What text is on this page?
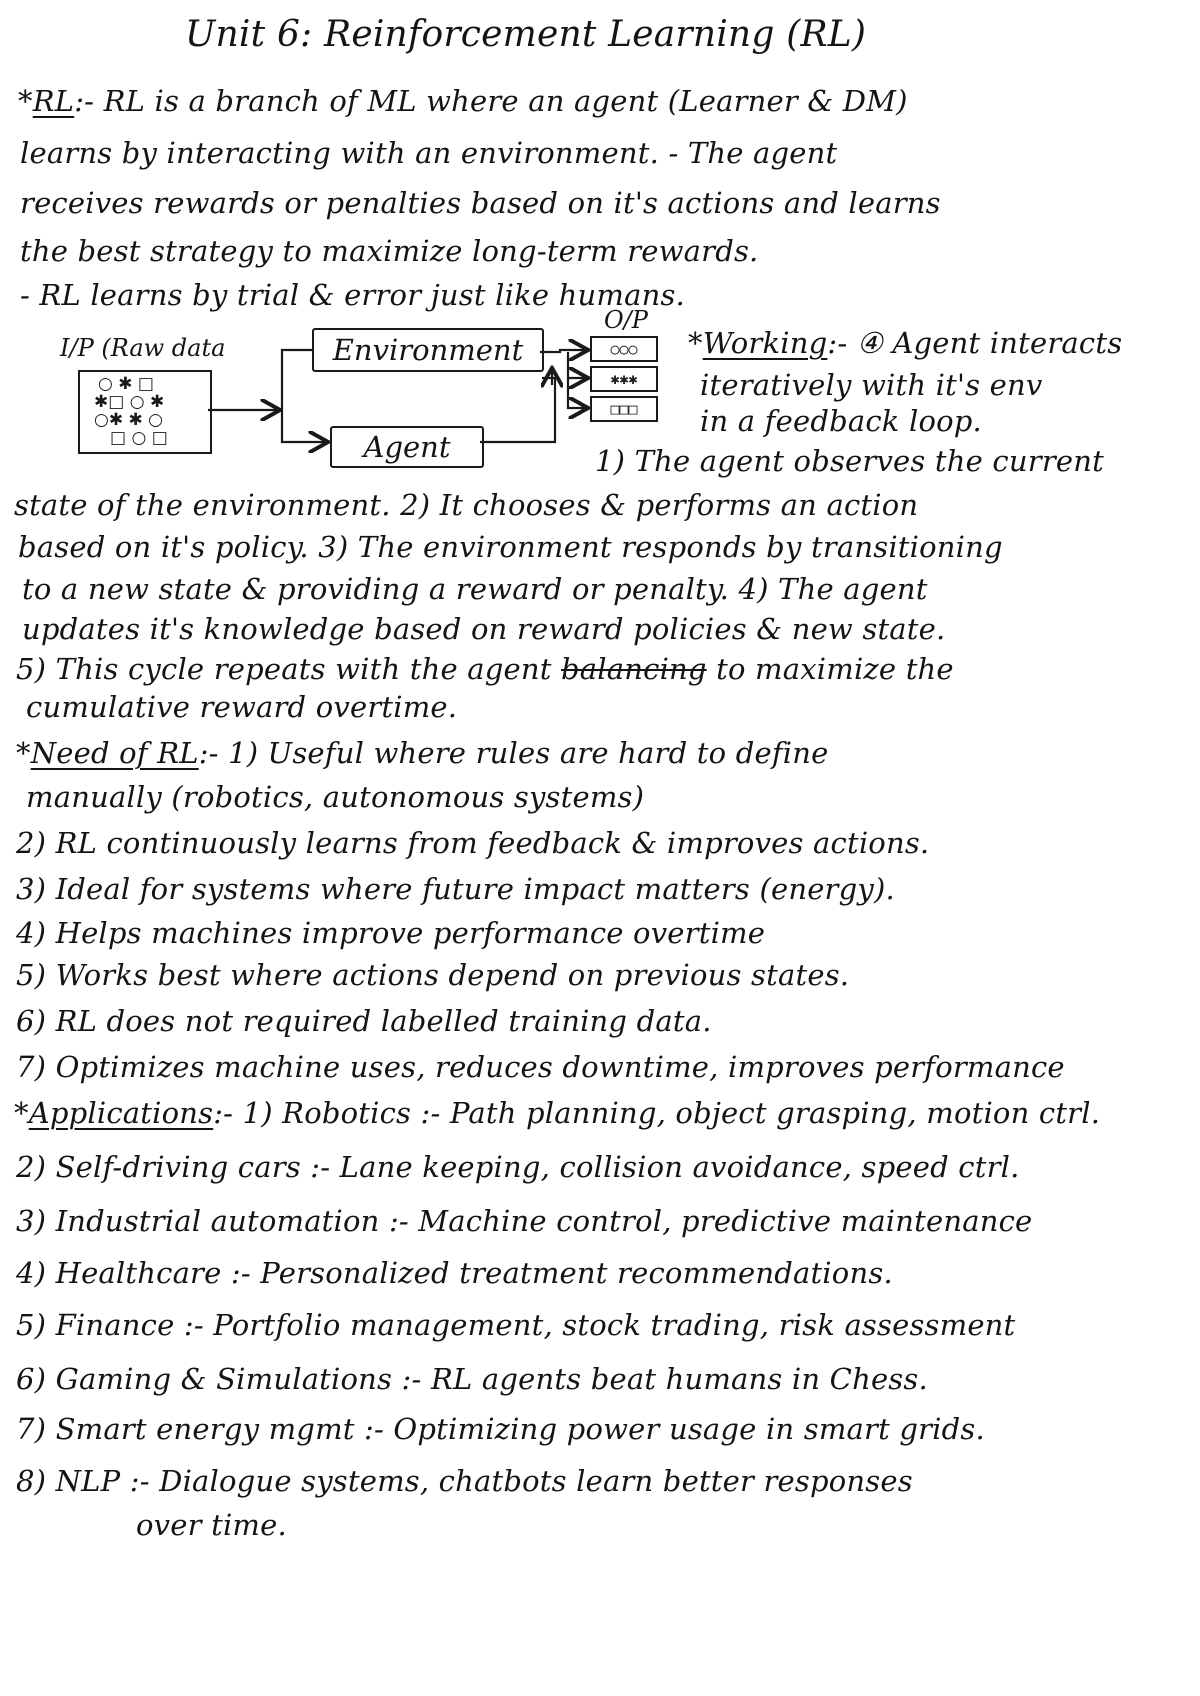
Unit 6: Reinforcement Learning (RL)
*RL:- RL is a branch of ML where an agent (Learner & DM)
learns by interacting with an environment. - The agent
receives rewards or penalties based on it's actions and learns
the best strategy to maximize long-term rewards.
- RL learns by trial & error just like humans.
I/P (Raw data
○ ✱ □
✱□ ○ ✱
○✱ ✱ ○
□ ○ □
Environment
Agent
O/P
○○○
✱✱✱
□□□
*Working:- ④ Agent interacts
iteratively with it's env
in a feedback loop.
1) The agent observes the current
state of the environment. 2) It chooses & performs an action
based on it's policy. 3) The environment responds by transitioning
to a new state & providing a reward or penalty. 4) The agent
updates it's knowledge based on reward policies & new state.
5) This cycle repeats with the agent balancing to maximize the
cumulative reward overtime.
*Need of RL:- 1) Useful where rules are hard to define
manually (robotics, autonomous systems)
2) RL continuously learns from feedback & improves actions.
3) Ideal for systems where future impact matters (energy).
4) Helps machines improve performance overtime
5) Works best where actions depend on previous states.
6) RL does not required labelled training data.
7) Optimizes machine uses, reduces downtime, improves performance
*Applications:- 1) Robotics :- Path planning, object grasping, motion ctrl.
2) Self-driving cars :- Lane keeping, collision avoidance, speed ctrl.
3) Industrial automation :- Machine control, predictive maintenance
4) Healthcare :- Personalized treatment recommendations.
5) Finance :- Portfolio management, stock trading, risk assessment
6) Gaming & Simulations :- RL agents beat humans in Chess.
7) Smart energy mgmt :- Optimizing power usage in smart grids.
8) NLP :- Dialogue systems, chatbots learn better responses
over time.
